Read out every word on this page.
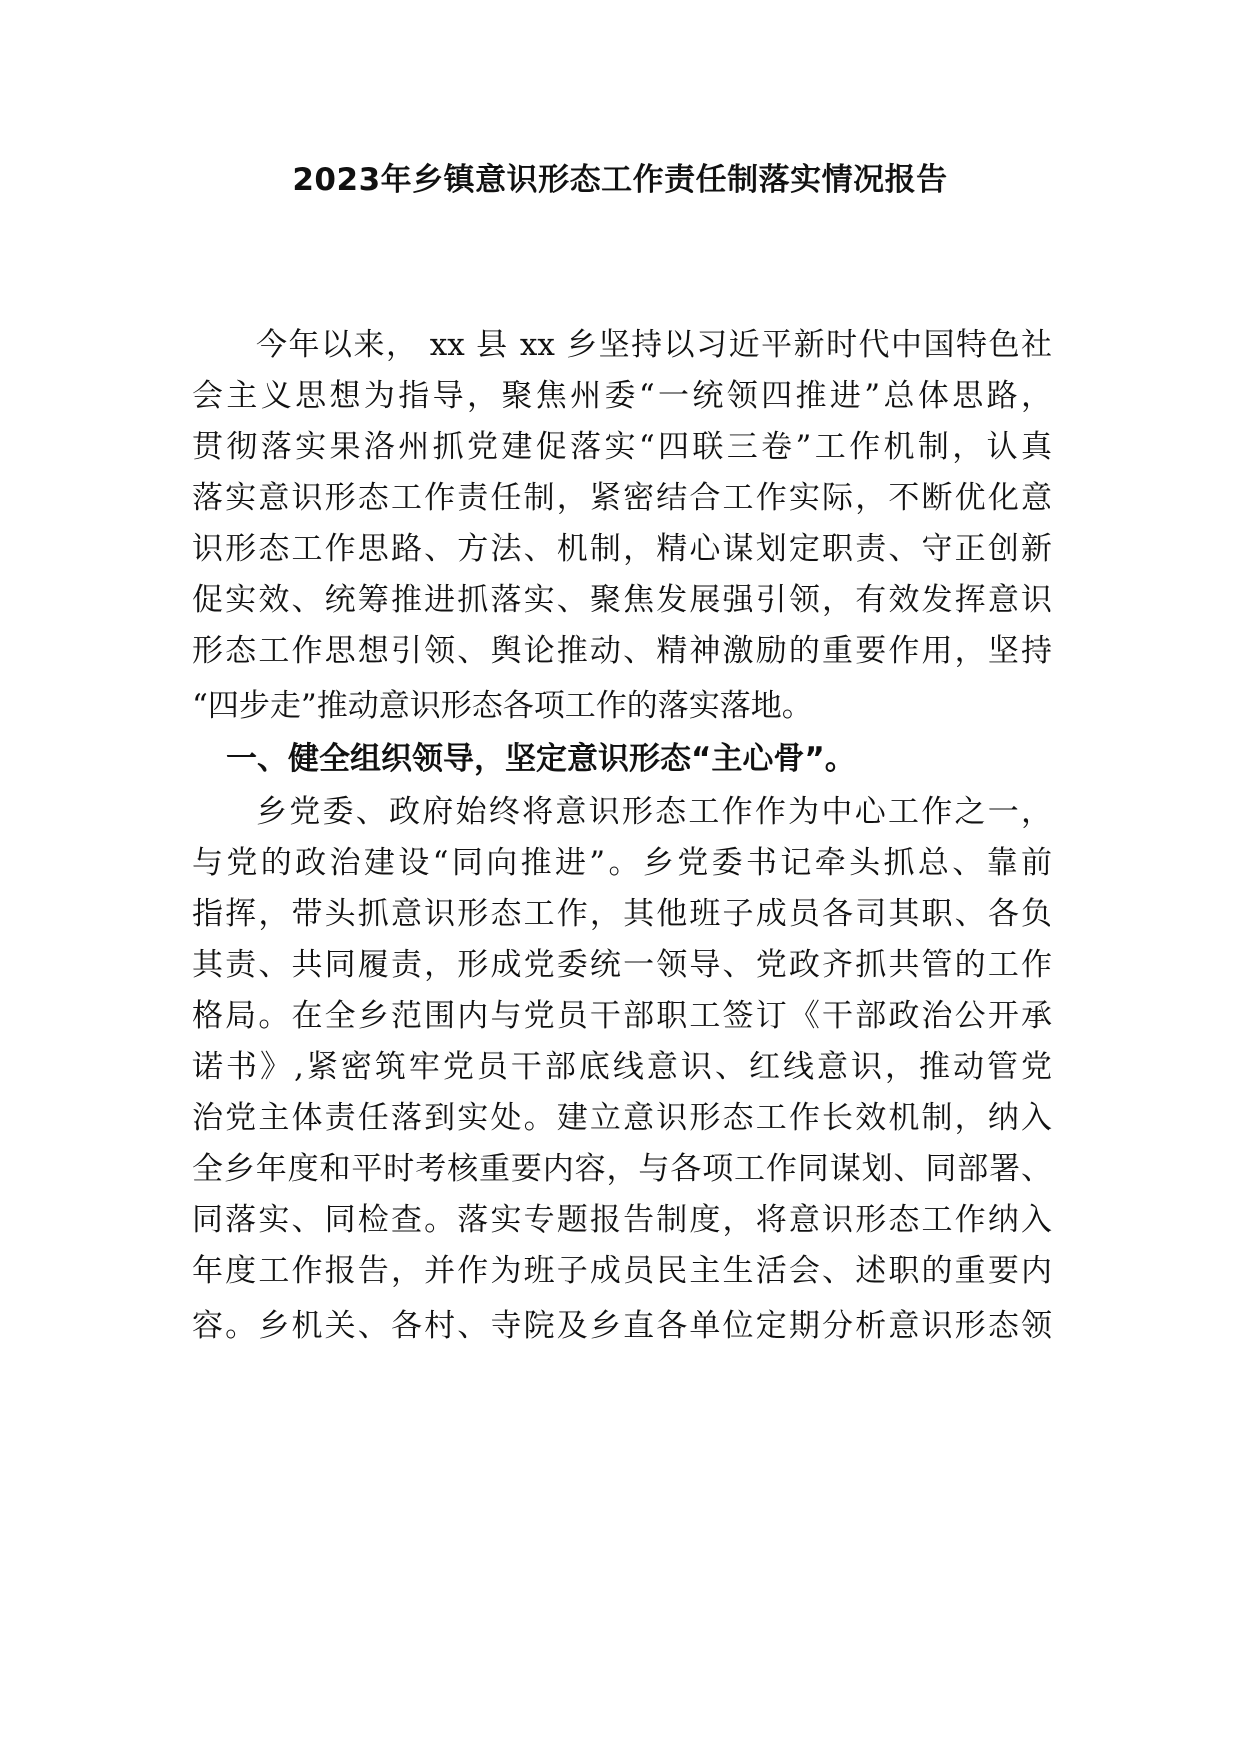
2023年乡镇意识形态工作责任制落实情况报告
今年以来， xx 县 xx 乡坚持以习近平新时代中国特色社
会主义思想为指导，聚焦州委“一统领四推进”总体思路，
贯彻落实果洛州抓党建促落实“四联三卷”工作机制，认真
落实意识形态工作责任制，紧密结合工作实际，不断优化意
识形态工作思路、方法、机制，精心谋划定职责、守正创新
促实效、统筹推进抓落实、聚焦发展强引领，有效发挥意识
形态工作思想引领、舆论推动、精神激励的重要作用，坚持
“四步走”推动意识形态各项工作的落实落地。
一、健全组织领导，坚定意识形态“主心骨”。
乡党委、政府始终将意识形态工作作为中心工作之一，
与党的政治建设“同向推进”。乡党委书记牵头抓总、靠前
指挥，带头抓意识形态工作，其他班子成员各司其职、各负
其责、共同履责，形成党委统一领导、党政齐抓共管的工作
格局。在全乡范围内与党员干部职工签订《干部政治公开承
诺书》,紧密筑牢党员干部底线意识、红线意识，推动管党
治党主体责任落到实处。建立意识形态工作长效机制，纳入
全乡年度和平时考核重要内容，与各项工作同谋划、同部署、
同落实、同检查。落实专题报告制度，将意识形态工作纳入
年度工作报告，并作为班子成员民主生活会、述职的重要内
容。乡机关、各村、寺院及乡直各单位定期分析意识形态领
